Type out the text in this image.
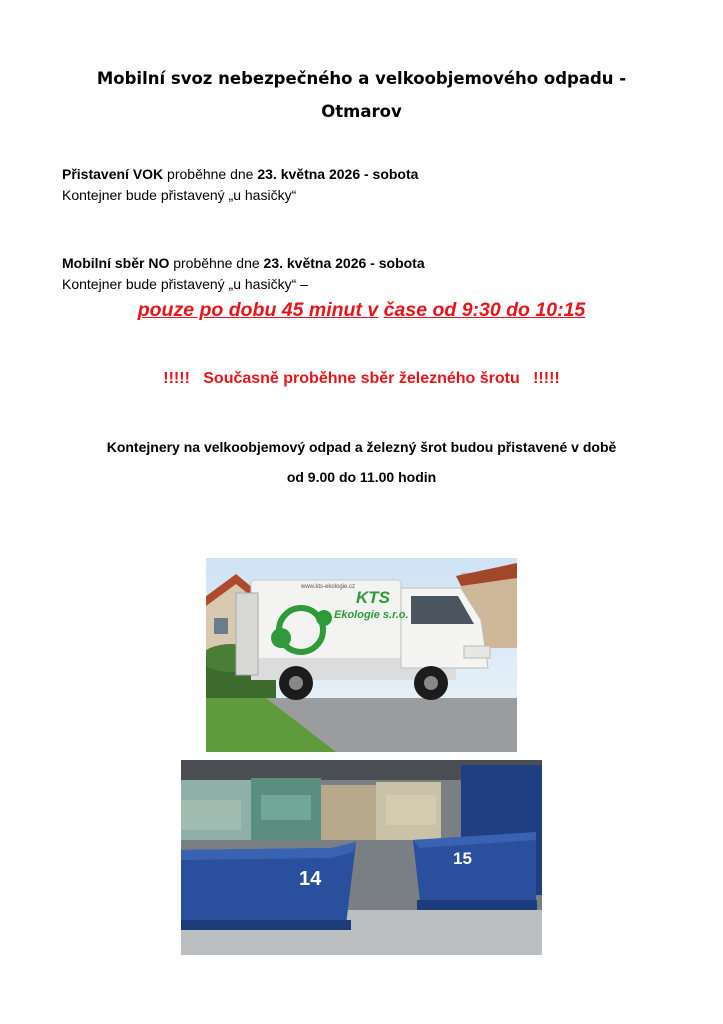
Mobilní svoz nebezpečného a velkoobjemového odpadu -
Otmarov
Přistavení VOK proběhne dne 23. května 2026 - sobota
Kontejner bude přistavený „u hasičky“
Mobilní sběr NO proběhne dne 23. května 2026 - sobota
Kontejner bude přistavený „u hasičky“ –
pouze po dobu 45 minut v čase od 9:30 do 10:15
!!!!!   Současně proběhne sběr železného šrotu   !!!!!
Kontejnery na velkoobjemový odpad a železný šrot budou přistavené v době
od 9.00 do 11.00 hodin
KTS
Ekologie s.r.o.
www.kts-ekologie.cz
14
15
